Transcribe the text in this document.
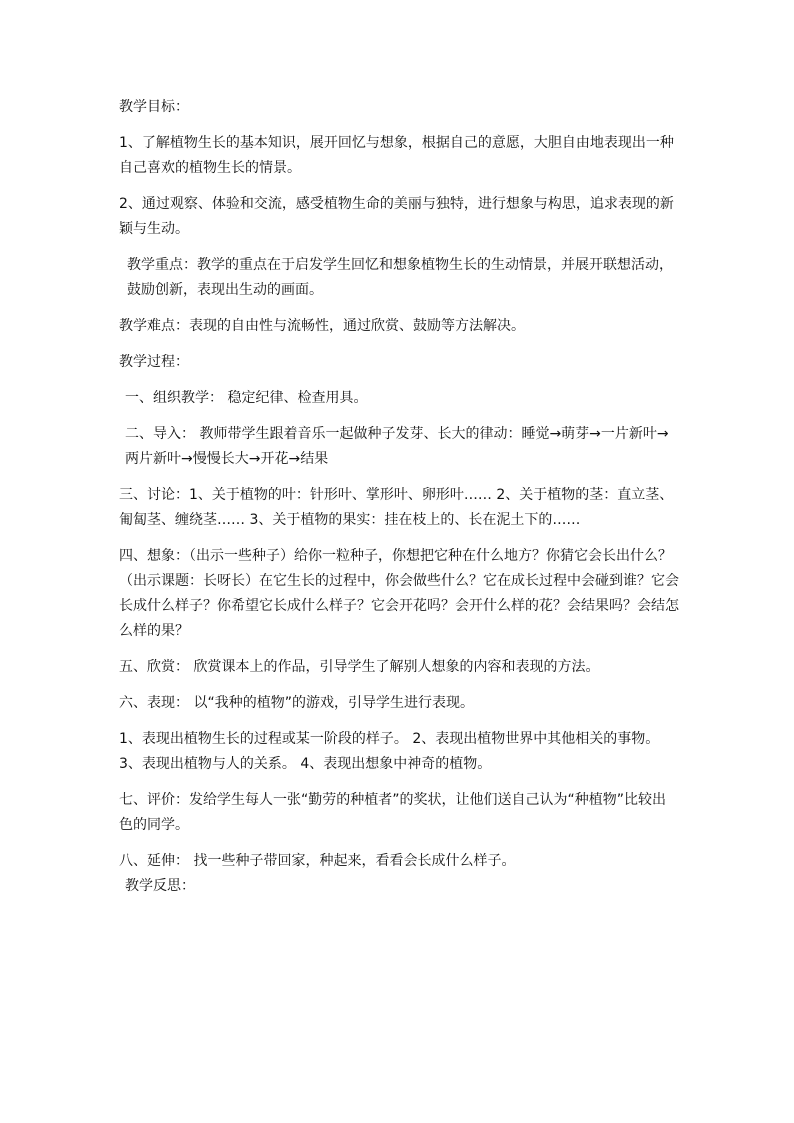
教学目标：

1、了解植物生长的基本知识，展开回忆与想象，根据自己的意愿，大胆自由地表现出一种自己喜欢的植物生长的情景。

2、通过观察、体验和交流，感受植物生命的美丽与独特，进行想象与构思，追求表现的新颖与生动。

教学重点：教学的重点在于启发学生回忆和想象植物生长的生动情景，并展开联想活动，鼓励创新，表现出生动的画面。

教学难点：表现的自由性与流畅性，通过欣赏、鼓励等方法解决。

教学过程：

一、组织教学： 稳定纪律、检查用具。

二、导入： 教师带学生跟着音乐一起做种子发芽、长大的律动：睡觉→萌芽→一片新叶→两片新叶→慢慢长大→开花→结果

三、讨论：1、关于植物的叶：针形叶、掌形叶、卵形叶…… 2、关于植物的茎：直立茎、匍匐茎、缠绕茎…… 3、关于植物的果实：挂在枝上的、长在泥土下的……

四、想象：（出示一些种子）给你一粒种子，你想把它种在什么地方？你猜它会长出什么？（出示课题：长呀长）在它生长的过程中，你会做些什么？它在成长过程中会碰到谁？它会长成什么样子？你希望它长成什么样子？它会开花吗？会开什么样的花？会结果吗？会结怎么样的果？

五、欣赏： 欣赏课本上的作品，引导学生了解别人想象的内容和表现的方法。

六、表现： 以“我种的植物”的游戏，引导学生进行表现。

1、表现出植物生长的过程或某一阶段的样子。 2、表现出植物世界中其他相关的事物。 3、表现出植物与人的关系。 4、表现出想象中神奇的植物。

七、评价：发给学生每人一张“勤劳的种植者”的奖状，让他们送自己认为“种植物”比较出色的同学。

八、延伸： 找一些种子带回家，种起来，看看会长成什么样子。

教学反思：
